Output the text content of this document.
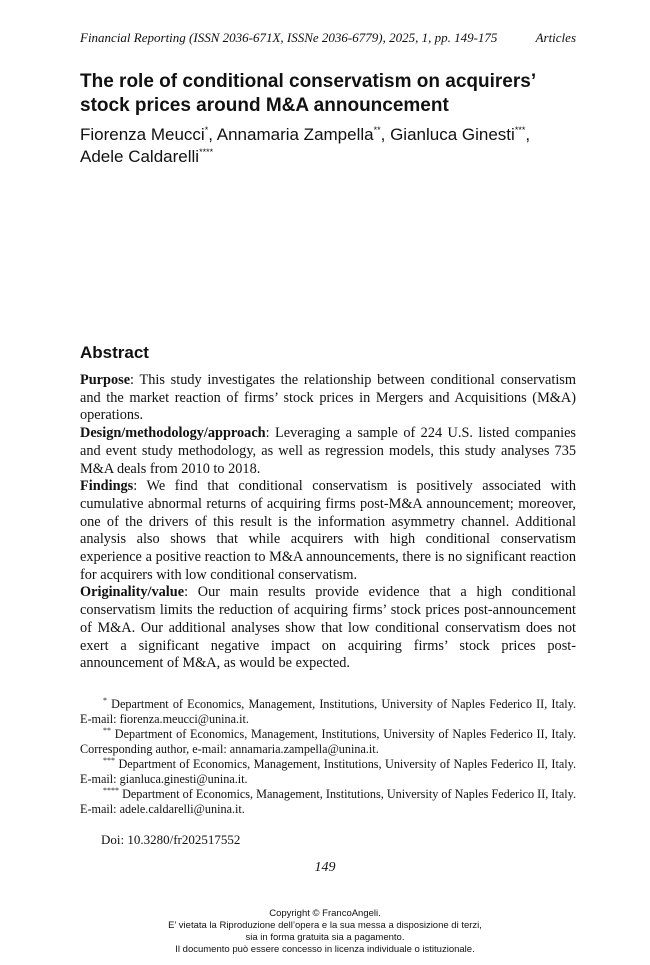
Financial Reporting (ISSN 2036-671X, ISSNe 2036-6779), 2025, 1, pp. 149-175	Articles
The role of conditional conservatism on acquirers’
stock prices around M&A announcement
Fiorenza Meucci*, Annamaria Zampella**, Gianluca Ginesti***,
Adele Caldarelli****
Abstract

Purpose: This study investigates the relationship between conditional conservatism and the market reaction of firms’ stock prices in Mergers and Acquisitions (M&A) operations.

Design/methodology/approach: Leveraging a sample of 224 U.S. listed companies and event study methodology, as well as regression models, this study analyses 735 M&A deals from 2010 to 2018.

Findings: We find that conditional conservatism is positively associated with cumulative abnormal returns of acquiring firms post-M&A announcement; moreover, one of the drivers of this result is the information asymmetry channel. Additional analysis also shows that while acquirers with high conditional conservatism experience a positive reaction to M&A announcements, there is no significant reaction for acquirers with low conditional conservatism.

Originality/value: Our main results provide evidence that a high conditional conservatism limits the reduction of acquiring firms’ stock prices post-announcement of M&A. Our additional analyses show that low conditional conservatism does not exert a significant negative impact on acquiring firms’ stock prices post-announcement of M&A, as would be expected.

* Department of Economics, Management, Institutions, University of Naples Federico II, Italy. E-mail: fiorenza.meucci@unina.it.

** Department of Economics, Management, Institutions, University of Naples Federico II, Italy. Corresponding author, e-mail: annamaria.zampella@unina.it.

*** Department of Economics, Management, Institutions, University of Naples Federico II, Italy. E-mail: gianluca.ginesti@unina.it.

**** Department of Economics, Management, Institutions, University of Naples Federico II, Italy. E-mail: adele.caldarelli@unina.it.

Doi: 10.3280/fr202517552
149
Copyright © FrancoAngeli.
E’ vietata la Riproduzione dell’opera e la sua messa a disposizione di terzi,
sia in forma gratuita sia a pagamento.
Il documento può essere concesso in licenza individuale o istituzionale.
